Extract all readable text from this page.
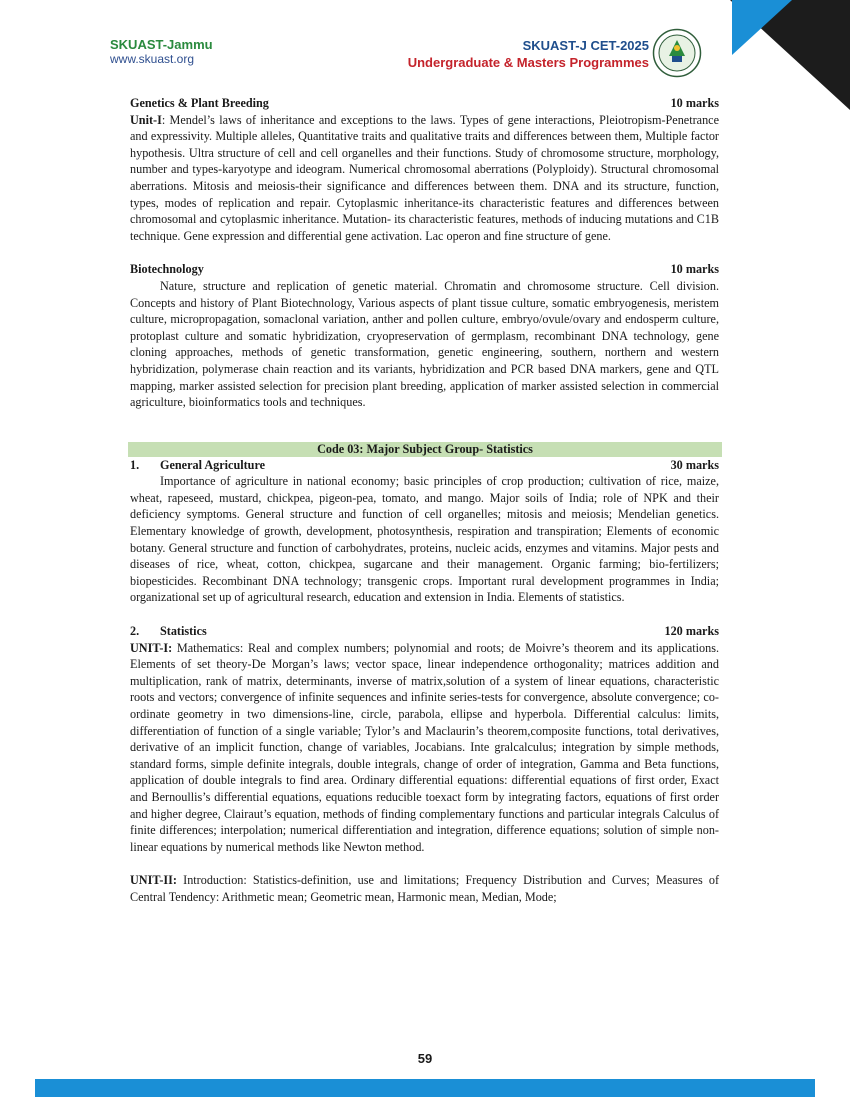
SKUAST-Jammu
www.skuast.org
SKUAST-J CET-2025
Undergraduate & Masters Programmes
Genetics & Plant Breeding	10 marks

Unit-I: Mendel’s laws of inheritance and exceptions to the laws. Types of gene interactions, Pleiotropism-Penetrance and expressivity. Multiple alleles, Quantitative traits and qualitative traits and differences between them, Multiple factor hypothesis. Ultra structure of cell and cell organelles and their functions. Study of chromosome structure, morphology, number and types-karyotype and ideogram. Numerical chromosomal aberrations (Polyploidy). Structural chromosomal aberrations. Mitosis and meiosis-their significance and differences between them. DNA and its structure, function, types, modes of replication and repair. Cytoplasmic inheritance-its characteristic features and differences between chromosomal and cytoplasmic inheritance. Mutation- its characteristic features, methods of inducing mutations and C1B technique. Gene expression and differential gene activation. Lac operon and fine structure of gene.

Biotechnology	10 marks

Nature, structure and replication of genetic material. Chromatin and chromosome structure. Cell division. Concepts and history of Plant Biotechnology, Various aspects of plant tissue culture, somatic embryogenesis, meristem culture, micropropagation, somaclonal variation, anther and pollen culture, embryo/ovule/ovary and endosperm culture, protoplast culture and somatic hybridization, cryopreservation of germplasm, recombinant DNA technology, gene cloning approaches, methods of genetic transformation, genetic engineering, southern, northern and western hybridization, polymerase chain reaction and its variants, hybridization and PCR based DNA markers, gene and QTL mapping, marker assisted selection for precision plant breeding, application of marker assisted selection in commercial agriculture, bioinformatics tools and techniques.

Code 03: Major Subject Group- Statistics
1. General Agriculture	30 marks

Importance of agriculture in national economy; basic principles of crop production; cultivation of rice, maize, wheat, rapeseed, mustard, chickpea, pigeon-pea, tomato, and mango. Major soils of India; role of NPK and their deficiency symptoms. General structure and function of cell organelles; mitosis and meiosis; Mendelian genetics. Elementary knowledge of growth, development, photosynthesis, respiration and transpiration; Elements of economic botany. General structure and function of carbohydrates, proteins, nucleic acids, enzymes and vitamins. Major pests and diseases of rice, wheat, cotton, chickpea, sugarcane and their management. Organic farming; bio-fertilizers; biopesticides. Recombinant DNA technology; transgenic crops. Important rural development programmes in India; organizational set up of agricultural research, education and extension in India. Elements of statistics.

2. Statistics	120 marks

UNIT-I: Mathematics: Real and complex numbers; polynomial and roots; de Moivre’s theorem and its applications. Elements of set theory-De Morgan’s laws; vector space, linear independence orthogonality; matrices addition and multiplication, rank of matrix, determinants, inverse of matrix,solution of a system of linear equations, characteristic roots and vectors; convergence of infinite sequences and infinite series-tests for convergence, absolute convergence; co-ordinate geometry in two dimensions-line, circle, parabola, ellipse and hyperbola. Differential calculus: limits, differentiation of function of a single variable; Tylor’s and Maclaurin’s theorem,composite functions, total derivatives, derivative of an implicit function, change of variables, Jocabians. Inte gralcalculus; integration by simple methods, standard forms, simple definite integrals, double integrals, change of order of integration, Gamma and Beta functions, application of double integrals to find area. Ordinary differential equations: differential equations of first order, Exact and Bernoullis’s differential equations, equations reducible toexact form by integrating factors, equations of first order and higher degree, Clairaut’s equation, methods of finding complementary functions and particular integrals Calculus of finite differences; interpolation; numerical differentiation and integration, difference equations; solution of simple non-linear equations by numerical methods like Newton method.

UNIT-II: Introduction: Statistics-definition, use and limitations; Frequency Distribution and Curves; Measures of Central Tendency: Arithmetic mean; Geometric mean, Harmonic mean, Median, Mode;

59
